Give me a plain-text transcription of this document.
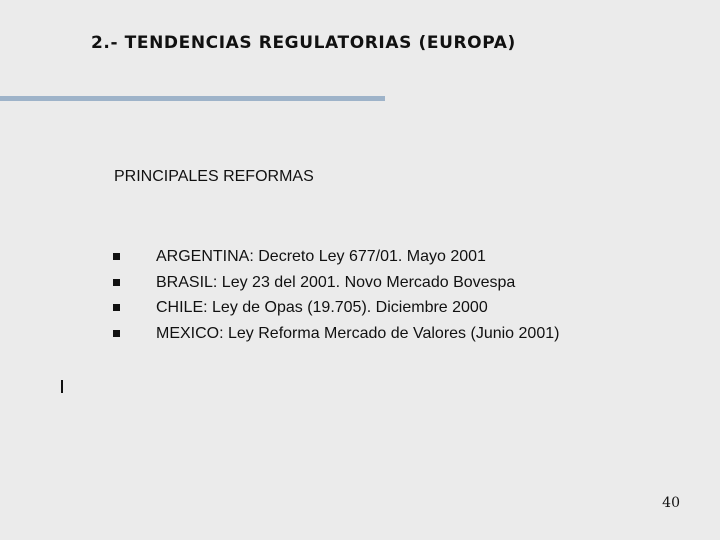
2.- TENDENCIAS REGULATORIAS (EUROPA)
PRINCIPALES REFORMAS
ARGENTINA: Decreto Ley 677/01. Mayo 2001
BRASIL: Ley 23 del 2001. Novo Mercado Bovespa
CHILE: Ley de Opas (19.705). Diciembre 2000
MEXICO: Ley Reforma Mercado de Valores (Junio 2001)
40
